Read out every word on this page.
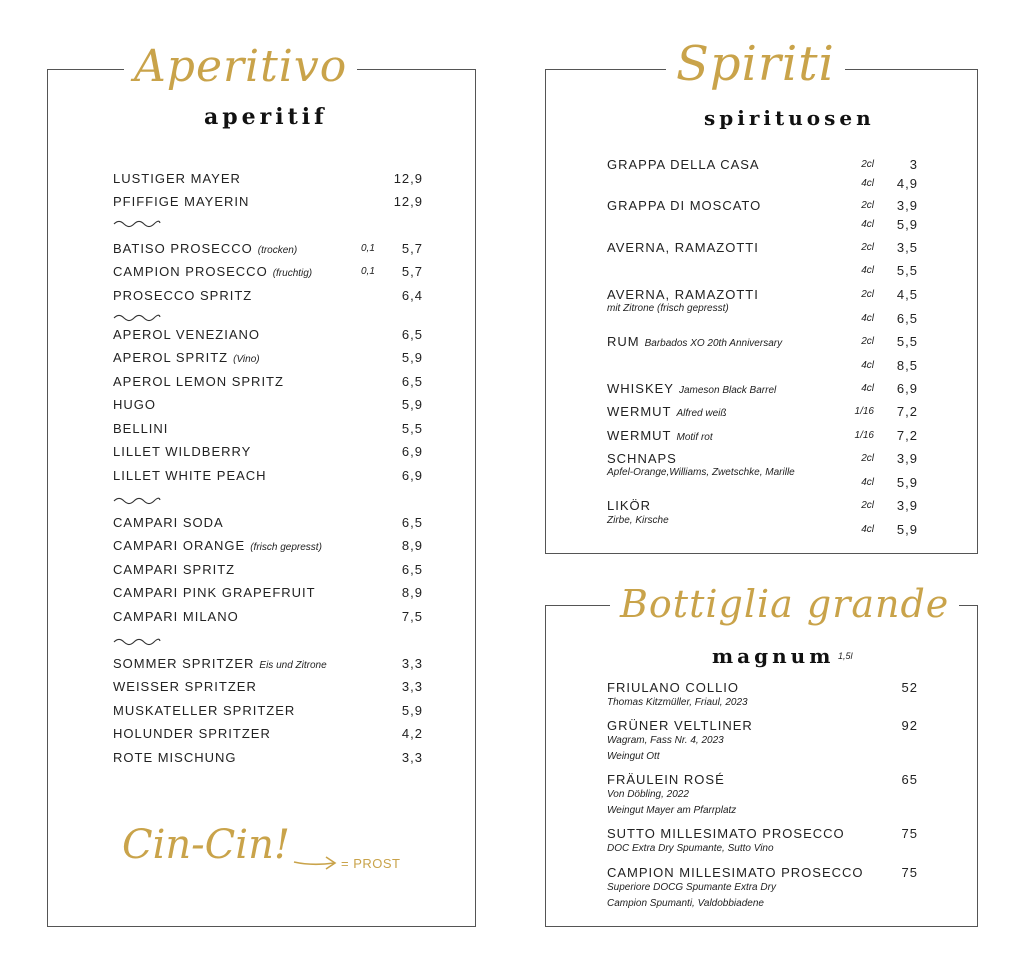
Aperitivo
aperitif
Cin-Cin!	= PROST
Spiriti
spirituosen
Bottiglia grande
magnum 1,5l
LUSTIGER MAYER	12,9
PFIFFIGE MAYERIN	12,9
BATISO PROSECCO (trocken)	0,1	5,7
CAMPION PROSECCO (fruchtig)	0,1	5,7
PROSECCO SPRITZ	6,4
APEROL VENEZIANO	6,5
APEROL SPRITZ (Vino)	5,9
APEROL LEMON SPRITZ	6,5
HUGO	5,9
BELLINI	5,5
LILLET WILDBERRY	6,9
LILLET WHITE PEACH	6,9
CAMPARI SODA	6,5
CAMPARI ORANGE (frisch gepresst)	8,9
CAMPARI SPRITZ	6,5
CAMPARI PINK GRAPEFRUIT	8,9
CAMPARI MILANO	7,5
SOMMER SPRITZER Eis und Zitrone	3,3
WEISSER SPRITZER	3,3
MUSKATELLER SPRITZER	5,9
HOLUNDER SPRITZER	4,2
ROTE MISCHUNG	3,3
GRAPPA DELLA CASA	2cl	3
4cl	4,9
GRAPPA DI MOSCATO	2cl	3,9
4cl	5,9
AVERNA, RAMAZOTTI	2cl	3,5
4cl	5,5
AVERNA, RAMAZOTTI
mit Zitrone (frisch gepresst)
2cl	4,5
4cl	6,5
RUM Barbados XO 20th Anniversary	2cl	5,5
4cl	8,5
WHISKEY Jameson Black Barrel	4cl	6,9
WERMUT Alfred weiß	1/16	7,2
WERMUT Motif rot	1/16	7,2
SCHNAPS
Apfel-Orange,Williams, Zwetschke, Marille
2cl	3,9
4cl	5,9
LIKÖR
Zirbe, Kirsche
2cl	3,9
4cl	5,9
FRIULANO COLLIO
Thomas Kitzmüller, Friaul, 2023
52
GRÜNER VELTLINER
Wagram, Fass Nr. 4, 2023
Weingut Ott
92
FRÄULEIN ROSÉ
Von Döbling, 2022
Weingut Mayer am Pfarrplatz
65
SUTTO MILLESIMATO PROSECCO
DOC Extra Dry Spumante, Sutto Vino
75
CAMPION MILLESIMATO PROSECCO
Superiore DOCG Spumante Extra Dry
Campion Spumanti, Valdobbiadene
75
